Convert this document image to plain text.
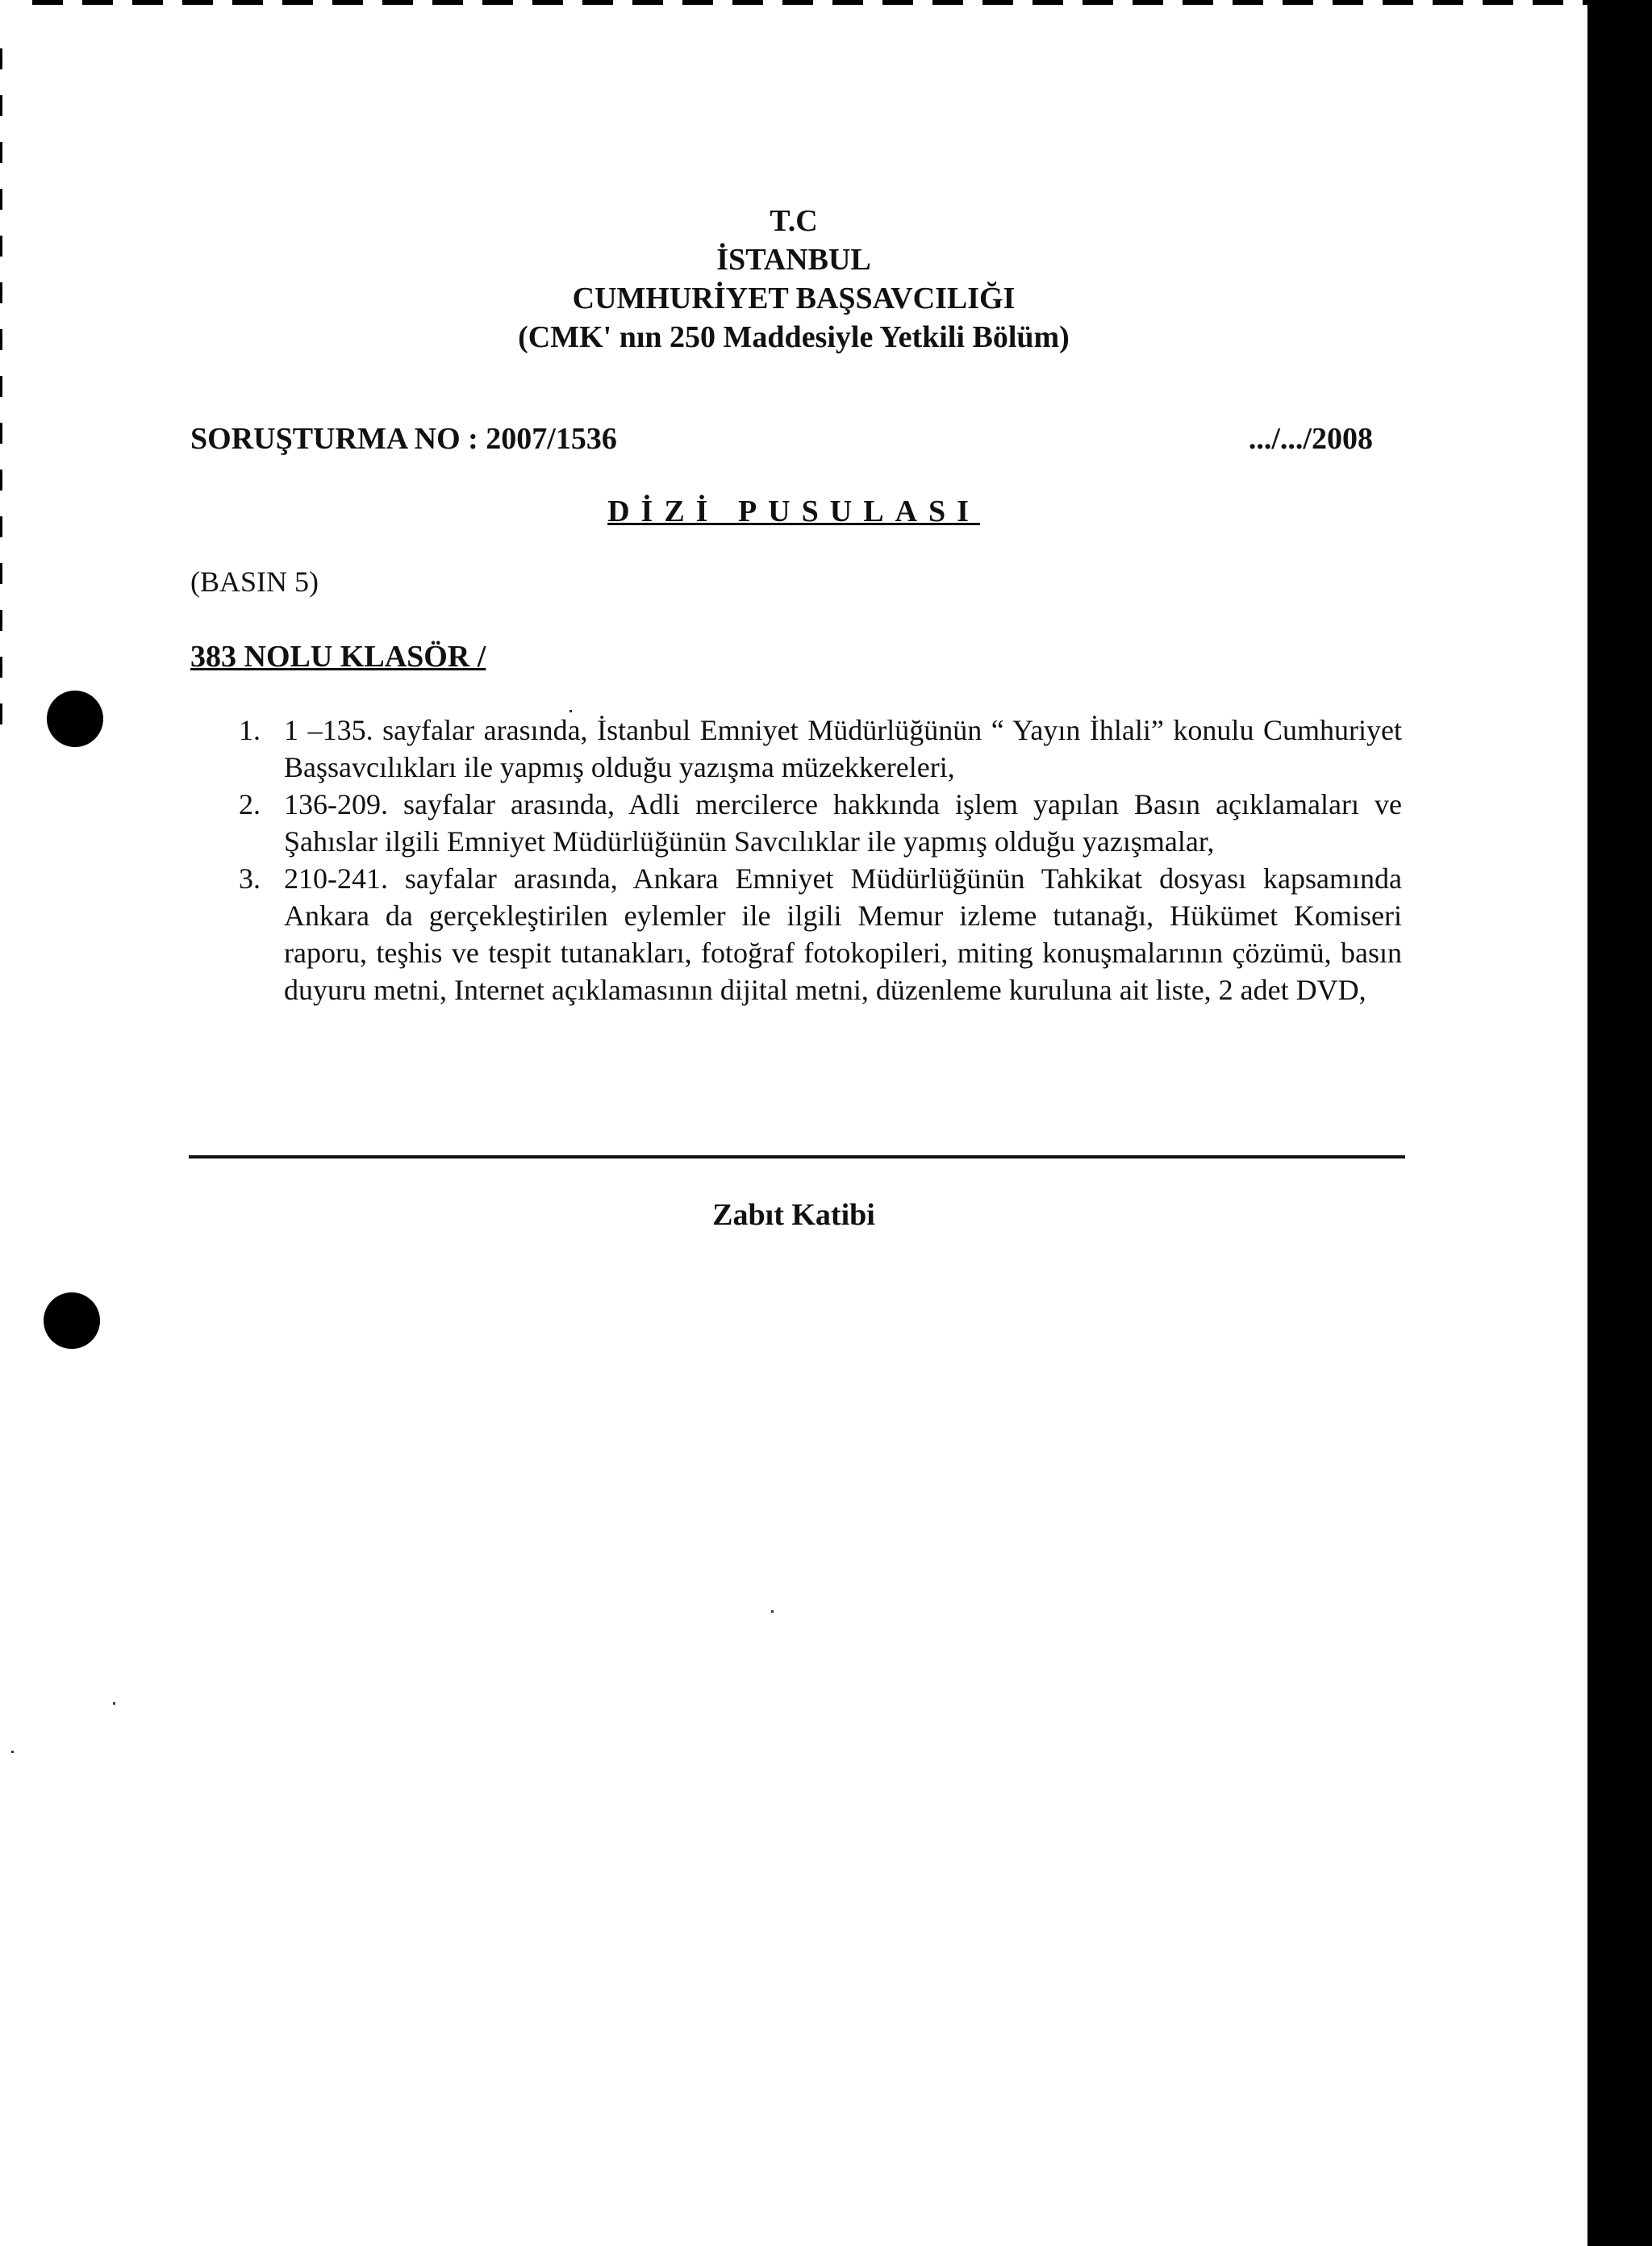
T.C
İSTANBUL
CUMHURİYET BAŞSAVCILIĞI
(CMK' nın 250 Maddesiyle Yetkili Bölüm)
SORUŞTURMA NO : 2007/1536	.../.../2008
DİZİ PUSULASI
(BASIN 5)
383 NOLU KLASÖR /
1. 1 –135. sayfalar arasında, İstanbul Emniyet Müdürlüğünün “ Yayın İhlali” konulu Cumhuriyet Başsavcılıkları ile yapmış olduğu yazışma müzekkereleri,
2. 136-209. sayfalar arasında, Adli mercilerce hakkında işlem yapılan Basın açıklamaları ve Şahıslar ilgili Emniyet Müdürlüğünün Savcılıklar ile yapmış olduğu yazışmalar,
3. 210-241. sayfalar arasında, Ankara Emniyet Müdürlüğünün Tahkikat dosyası kapsamında Ankara da gerçekleştirilen eylemler ile ilgili Memur izleme tutanağı, Hükümet Komiseri raporu, teşhis ve tespit tutanakları, fotoğraf fotokopileri, miting konuşmalarının çözümü, basın duyuru metni, Internet açıklamasının dijital metni, düzenleme kuruluna ait liste, 2 adet DVD,
Zabıt Katibi
